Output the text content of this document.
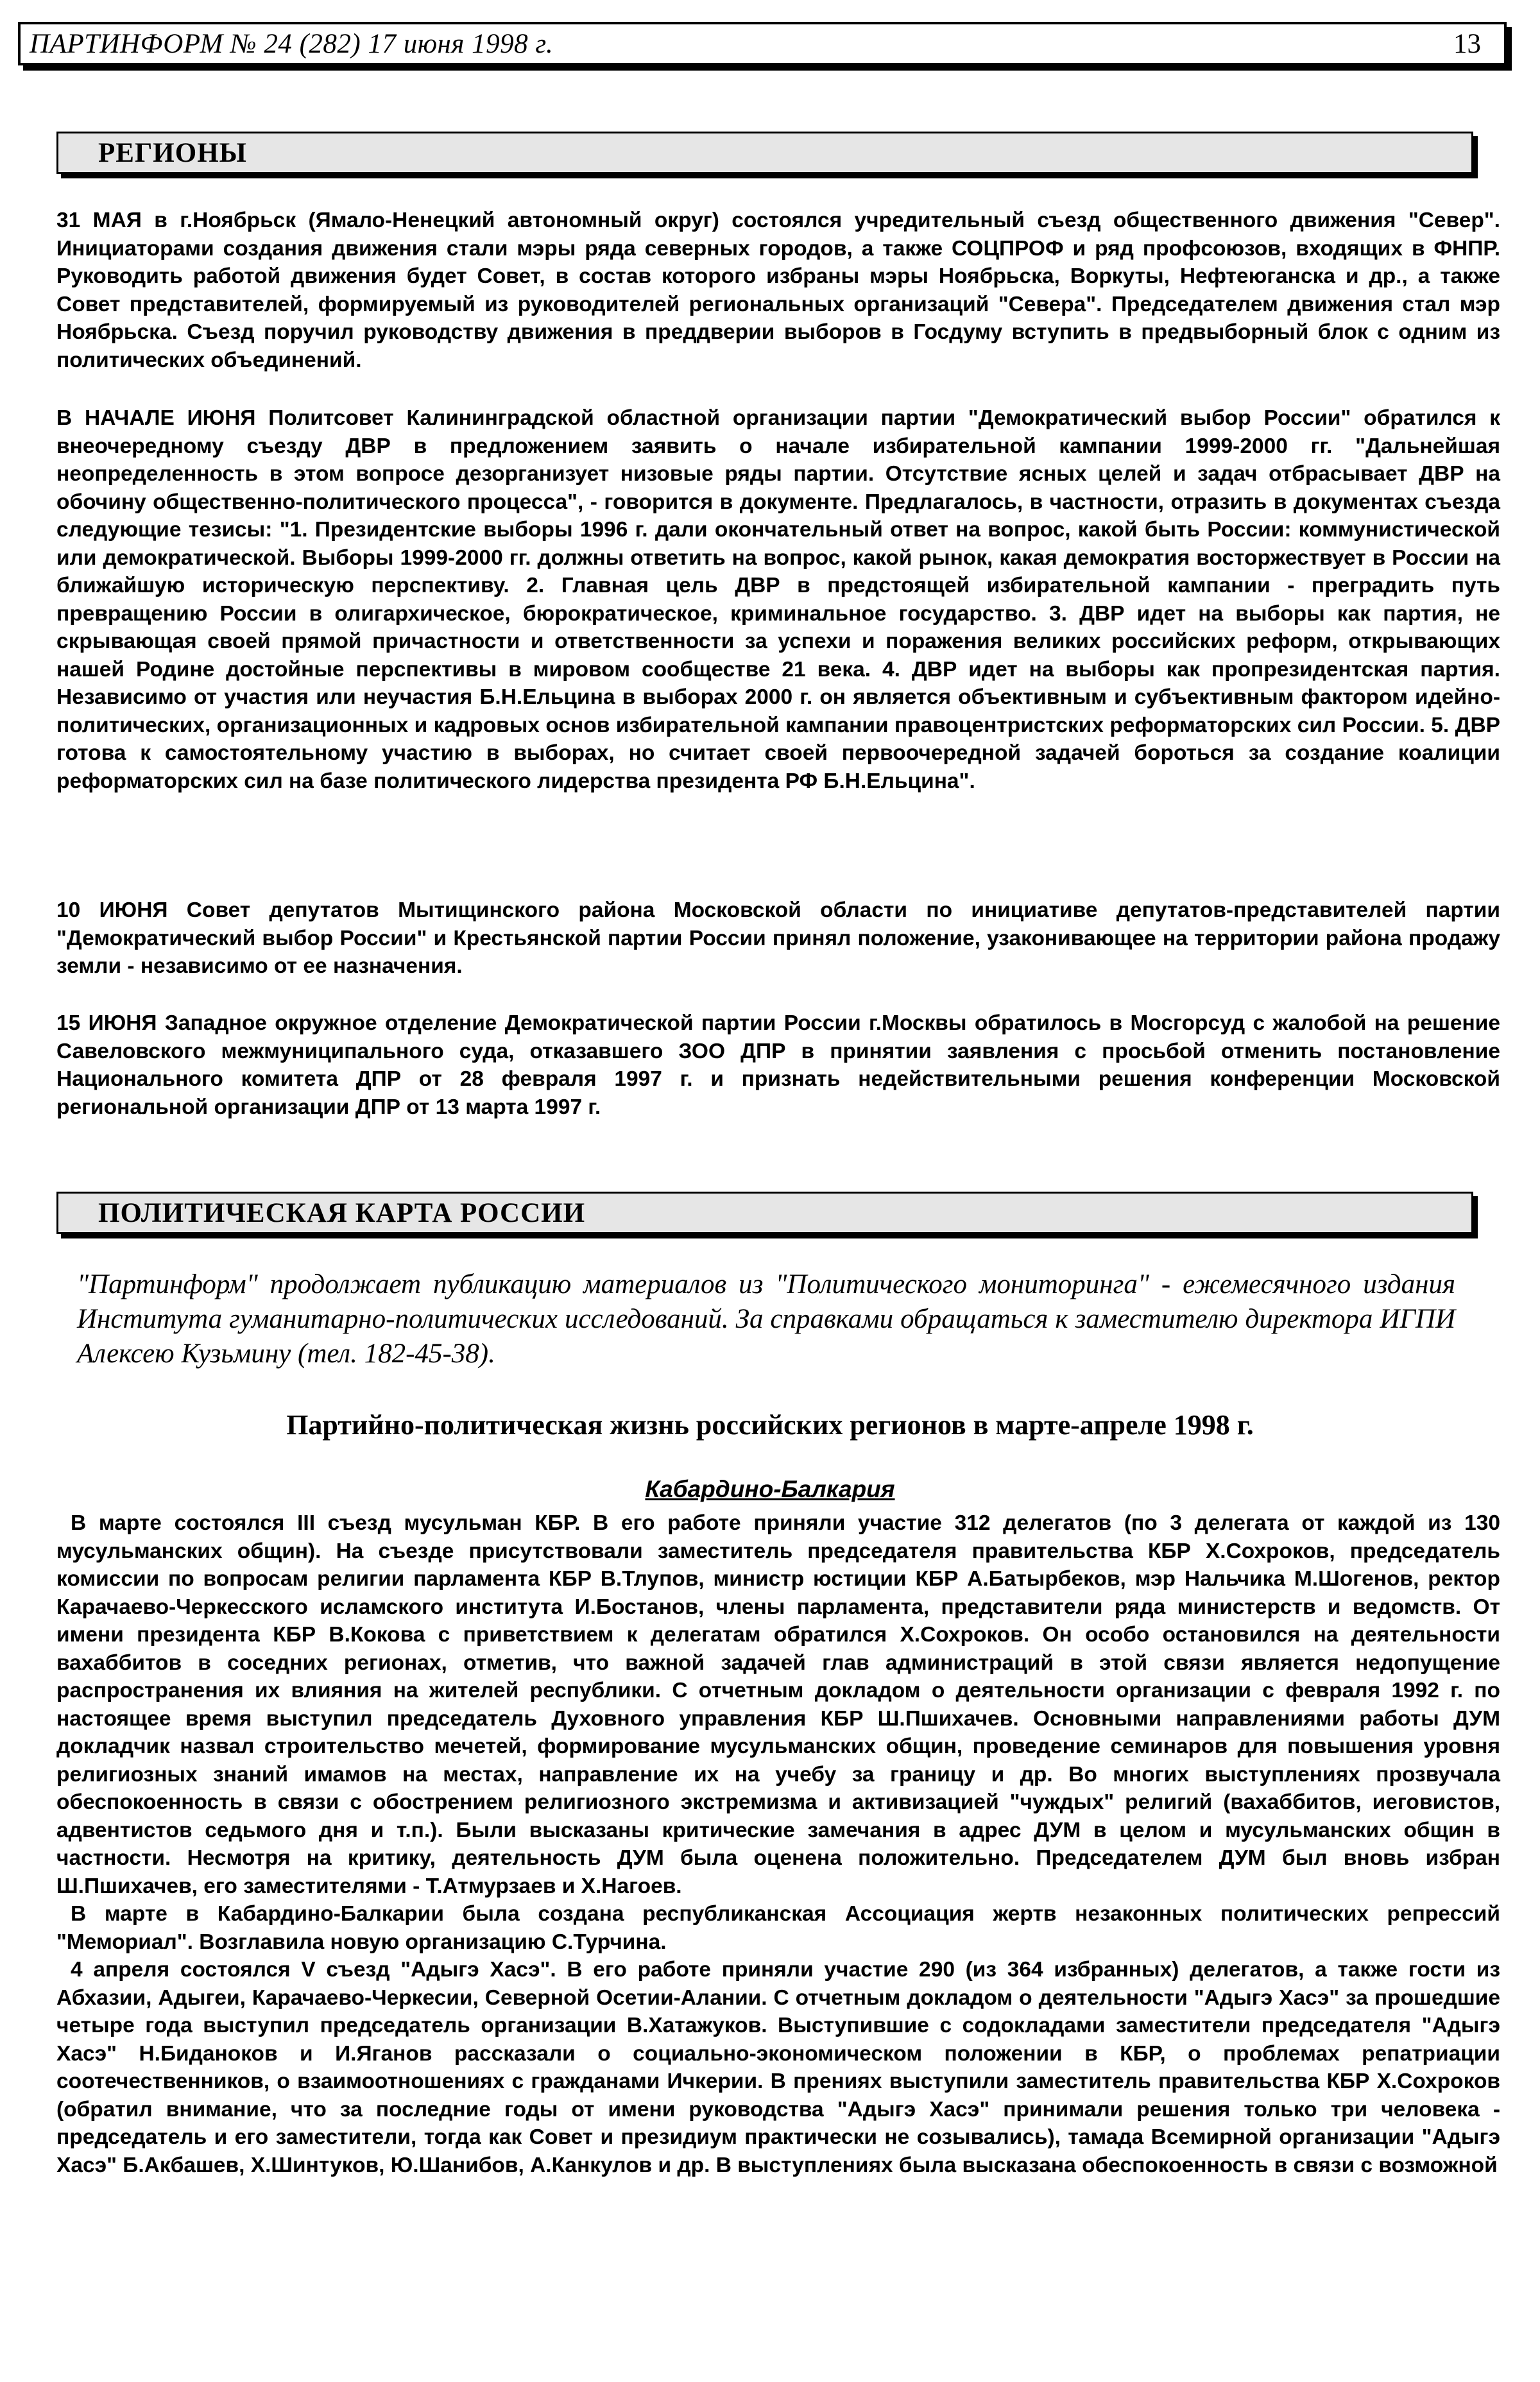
ПАРТИНФОРМ № 24 (282) 17 июня 1998 г.	13
РЕГИОНЫ

31 МАЯ в г.Ноябрьск (Ямало-Ненецкий автономный округ) состоялся учредительный съезд общественного движения "Север". Инициаторами создания движения стали мэры ряда северных городов, а также СОЦПРОФ и ряд профсоюзов, входящих в ФНПР. Руководить работой движения будет Совет, в состав которого избраны мэры Ноябрьска, Воркуты, Нефтеюганска и др., а также Совет представителей, формируемый из руководителей региональных организаций "Севера". Председателем движения стал мэр Ноябрьска. Съезд поручил руководству движения в преддверии выборов в Госдуму вступить в предвыборный блок с одним из политических объединений.

В НАЧАЛЕ ИЮНЯ Политсовет Калининградской областной организации партии "Демократический выбор России" обратился к внеочередному съезду ДВР в предложением заявить о начале избирательной кампании 1999-2000 гг. "Дальнейшая неопределенность в этом вопросе дезорганизует низовые ряды партии. Отсутствие ясных целей и задач отбрасывает ДВР на обочину общественно-политического процесса", - говорится в документе. Предлагалось, в частности, отразить в документах съезда следующие тезисы: "1. Президентские выборы 1996 г. дали окончательный ответ на вопрос, какой быть России: коммунистической или демократической. Выборы 1999-2000 гг. должны ответить на вопрос, какой рынок, какая демократия восторжествует в России на ближайшую историческую перспективу. 2. Главная цель ДВР в предстоящей избирательной кампании - преградить путь превращению России в олигархическое, бюрократическое, криминальное государство. 3. ДВР идет на выборы как партия, не скрывающая своей прямой причастности и ответственности за успехи и поражения великих российских реформ, открывающих нашей Родине достойные перспективы в мировом сообществе 21 века. 4. ДВР идет на выборы как пропрезидентская партия. Независимо от участия или неучастия Б.Н.Ельцина в выборах 2000 г. он является объективным и субъективным фактором идейно-политических, организационных и кадровых основ избирательной кампании правоцентристских реформаторских сил России. 5. ДВР готова к самостоятельному участию в выборах, но считает своей первоочередной задачей бороться за создание коалиции реформаторских сил на базе политического лидерства президента РФ Б.Н.Ельцина".

10 ИЮНЯ Совет депутатов Мытищинского района Московской области по инициативе депутатов-представителей партии "Демократический выбор России" и Крестьянской партии России принял положение, узаконивающее на территории района продажу земли - независимо от ее назначения.

15 ИЮНЯ Западное окружное отделение Демократической партии России г.Москвы обратилось в Мосгорсуд с жалобой на решение Савеловского межмуниципального суда, отказавшего ЗОО ДПР в принятии заявления с просьбой отменить постановление Национального комитета ДПР от 28 февраля 1997 г. и признать недействительными решения конференции Московской региональной организации ДПР от 13 марта 1997 г.

ПОЛИТИЧЕСКАЯ КАРТА РОССИИ
"Партинформ" продолжает публикацию материалов из "Политического мониторинга" - ежемесячного издания Института гуманитарно-политических исследований. За справками обращаться к заместителю директора ИГПИ Алексею Кузьмину (тел. 182-45-38).
Партийно-политическая жизнь российских регионов в марте-апреле 1998 г.
Кабардино-Балкария

В марте состоялся III съезд мусульман КБР. В его работе приняли участие 312 делегатов (по 3 делегата от каждой из 130 мусульманских общин). На съезде присутствовали заместитель председателя правительства КБР Х.Сохроков, председатель комиссии по вопросам религии парламента КБР В.Тлупов, министр юстиции КБР А.Батырбеков, мэр Нальчика М.Шогенов, ректор Карачаево-Черкесского исламского института И.Бостанов, члены парламента, представители ряда министерств и ведомств. От имени президента КБР В.Кокова с приветствием к делегатам обратился Х.Сохроков. Он особо остановился на деятельности вахаббитов в соседних регионах, отметив, что важной задачей глав администраций в этой связи является недопущение распространения их влияния на жителей республики. С отчетным докладом о деятельности организации с февраля 1992 г. по настоящее время выступил председатель Духовного управления КБР Ш.Пшихачев. Основными направлениями работы ДУМ докладчик назвал строительство мечетей, формирование мусульманских общин, проведение семинаров для повышения уровня религиозных знаний имамов на местах, направление их на учебу за границу и др. Во многих выступлениях прозвучала обеспокоенность в связи с обострением религиозного экстремизма и активизацией "чуждых" религий (вахаббитов, иеговистов, адвентистов седьмого дня и т.п.). Были высказаны критические замечания в адрес ДУМ в целом и мусульманских общин в частности. Несмотря на критику, деятельность ДУМ была оценена положительно. Председателем ДУМ был вновь избран Ш.Пшихачев, его заместителями - Т.Атмурзаев и Х.Нагоев.

В марте в Кабардино-Балкарии была создана республиканская Ассоциация жертв незаконных политических репрессий "Мемориал". Возглавила новую организацию С.Турчина.

4 апреля состоялся V съезд "Адыгэ Хасэ". В его работе приняли участие 290 (из 364 избранных) делегатов, а также гости из Абхазии, Адыгеи, Карачаево-Черкесии, Северной Осетии-Алании. С отчетным докладом о деятельности "Адыгэ Хасэ" за прошедшие четыре года выступил председатель организации В.Хатажуков. Выступившие с содокладами заместители председателя "Адыгэ Хасэ" Н.Биданоков и И.Яганов рассказали о социально-экономическом положении в КБР, о проблемах репатриации соотечественников, о взаимоотношениях с гражданами Ичкерии. В прениях выступили заместитель правительства КБР Х.Сохроков (обратил внимание, что за последние годы от имени руководства "Адыгэ Хасэ" принимали решения только три человека - председатель и его заместители, тогда как Совет и президиум практически не созывались), тамада Всемирной организации "Адыгэ Хасэ" Б.Акбашев, Х.Шинтуков, Ю.Шанибов, А.Канкулов и др. В выступлениях была высказана обеспокоенность в связи с возможной
